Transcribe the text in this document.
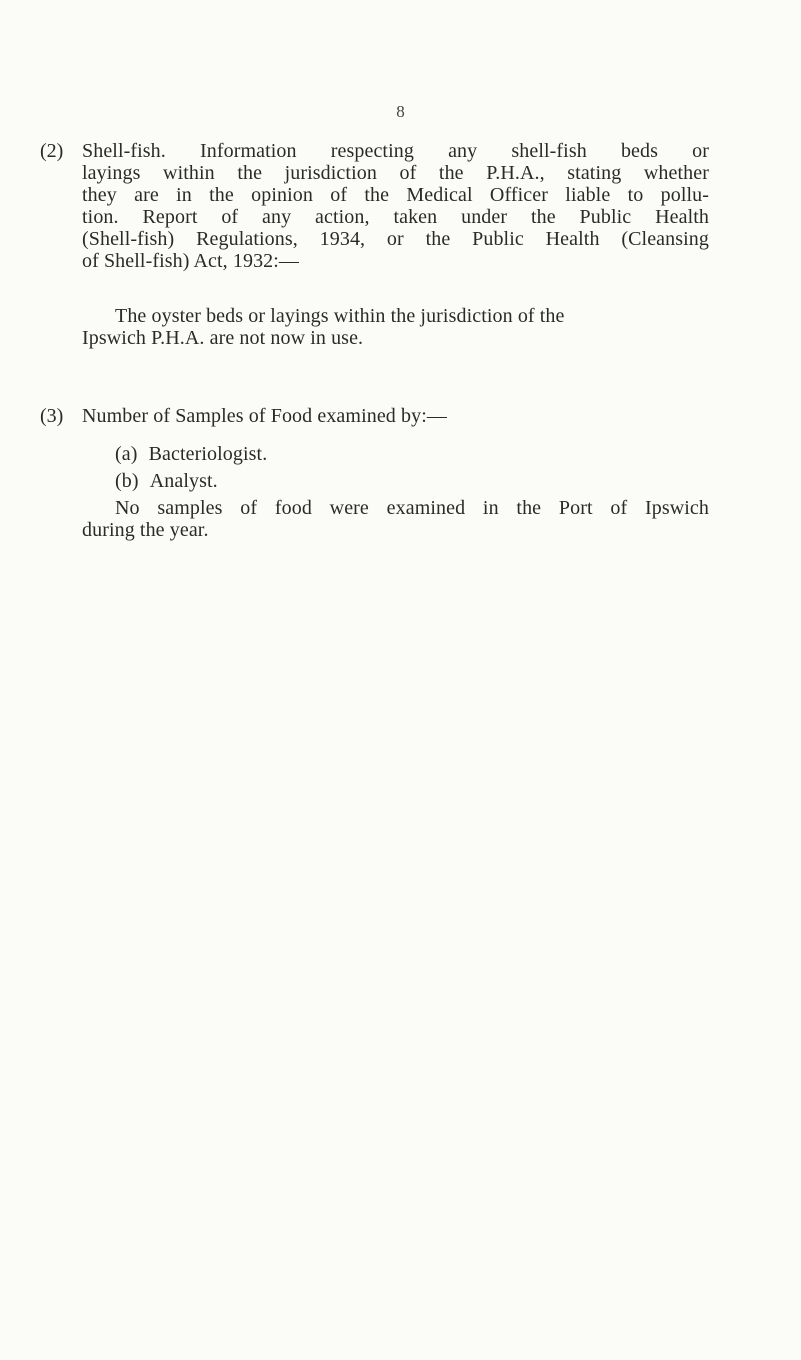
8
(2) Shell-fish. Information respecting any shell-fish beds or
layings within the jurisdiction of the P.H.A., stating whether
they are in the opinion of the Medical Officer liable to pollu-
tion. Report of any action, taken under the Public Health
(Shell-fish) Regulations, 1934, or the Public Health (Cleansing
of Shell-fish) Act, 1932:—
The oyster beds or layings within the jurisdiction of the
Ipswich P.H.A. are not now in use.
(3) Number of Samples of Food examined by:—
(a) Bacteriologist.
(b) Analyst.
No samples of food were examined in the Port of Ipswich
during the year.
